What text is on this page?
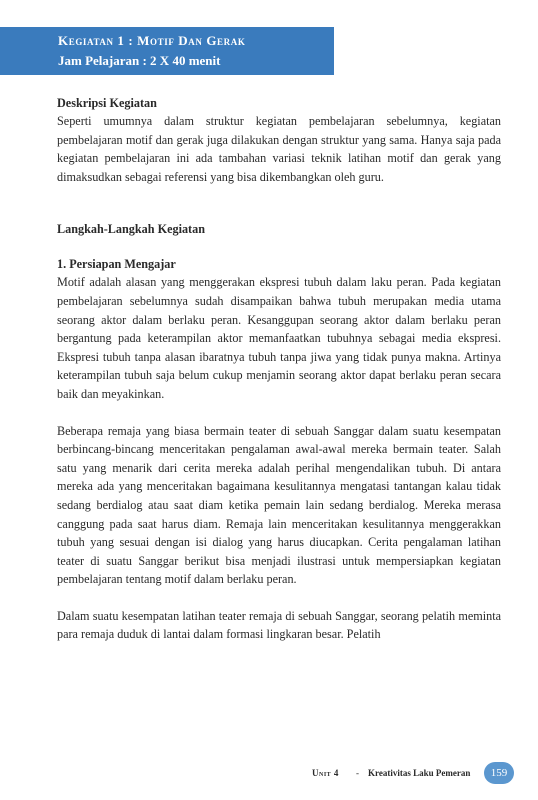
Kegiatan 1 : Motif Dan Gerak
Jam Pelajaran : 2 X 40 menit

Deskripsi Kegiatan

Seperti umumnya dalam struktur kegiatan pembelajaran sebelumnya, kegiatan pembelajaran motif dan gerak juga dilakukan dengan struktur yang sama. Hanya saja pada kegiatan pembelajaran ini ada tambahan variasi teknik latihan motif dan gerak yang dimaksudkan sebagai referensi yang bisa dikembangkan oleh guru.

Langkah-Langkah Kegiatan

1. Persiapan Mengajar

Motif adalah alasan yang menggerakan ekspresi tubuh dalam laku peran. Pada kegiatan pembelajaran sebelumnya sudah disampaikan bahwa tubuh merupakan media utama seorang aktor dalam berlaku peran. Kesanggupan seorang aktor dalam berlaku peran bergantung pada keterampilan aktor memanfaatkan tubuhnya sebagai media ekspresi. Ekspresi tubuh tanpa alasan ibaratnya tubuh tanpa jiwa yang tidak punya makna. Artinya keterampilan tubuh saja belum cukup menjamin seorang aktor dapat berlaku peran secara baik dan meyakinkan.

Beberapa remaja yang biasa bermain teater di sebuah Sanggar dalam suatu kesempatan berbincang-bincang menceritakan pengalaman awal-awal mereka bermain teater. Salah satu yang menarik dari cerita mereka adalah perihal mengendalikan tubuh. Di antara mereka ada yang menceritakan bagaimana kesulitannya mengatasi tantangan kalau tidak sedang berdialog atau saat diam ketika pemain lain sedang berdialog. Mereka merasa canggung pada saat harus diam. Remaja lain menceritakan kesulitannya menggerakkan tubuh yang sesuai dengan isi dialog yang harus diucapkan. Cerita pengalaman latihan teater di suatu Sanggar berikut bisa menjadi ilustrasi untuk mempersiapkan kegiatan pembelajaran tentang motif dalam berlaku peran.

Dalam suatu kesempatan latihan teater remaja di sebuah Sanggar, seorang pelatih meminta para remaja duduk di lantai dalam formasi lingkaran besar. Pelatih

Unit 4 - Kreativitas Laku Pemeran	159
